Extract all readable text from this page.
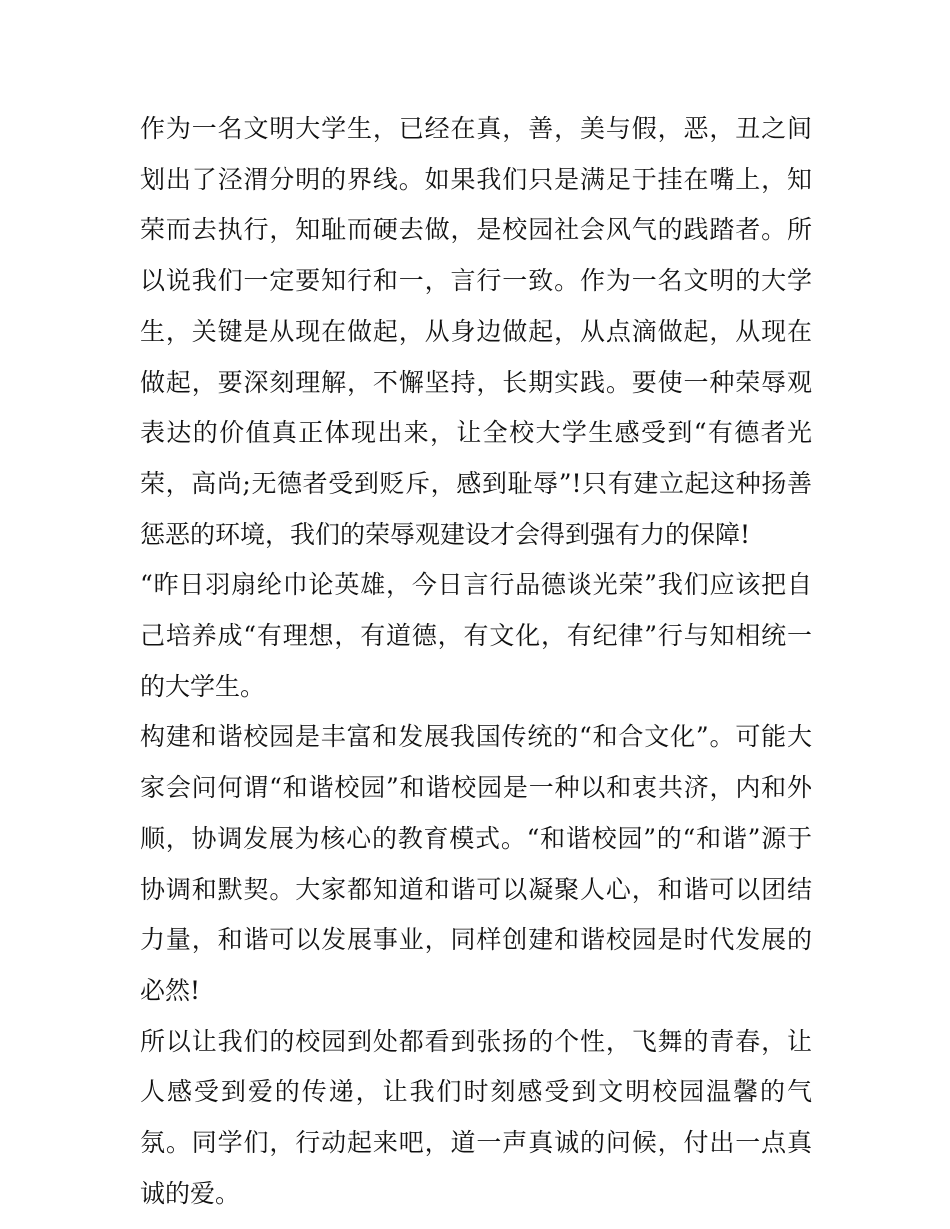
作为一名文明大学生，已经在真，善，美与假，恶，丑之间划出了泾渭分明的界线。如果我们只是满足于挂在嘴上，知荣而去执行，知耻而硬去做，是校园社会风气的践踏者。所以说我们一定要知行和一，言行一致。作为一名文明的大学生，关键是从现在做起，从身边做起，从点滴做起，从现在做起，要深刻理解，不懈坚持，长期实践。要使一种荣辱观表达的价值真正体现出来，让全校大学生感受到“有德者光荣，高尚;无德者受到贬斥，感到耻辱”!只有建立起这种扬善惩恶的环境，我们的荣辱观建设才会得到强有力的保障!

“昨日羽扇纶巾论英雄，今日言行品德谈光荣”我们应该把自己培养成“有理想，有道德，有文化，有纪律”行与知相统一的大学生。

构建和谐校园是丰富和发展我国传统的“和合文化”。可能大家会问何谓“和谐校园”和谐校园是一种以和衷共济，内和外顺，协调发展为核心的教育模式。“和谐校园”的“和谐”源于协调和默契。大家都知道和谐可以凝聚人心，和谐可以团结力量，和谐可以发展事业，同样创建和谐校园是时代发展的必然!

所以让我们的校园到处都看到张扬的个性，飞舞的青春，让人感受到爱的传递，让我们时刻感受到文明校园温馨的气氛。同学们，行动起来吧，道一声真诚的问候，付出一点真诚的爱。
